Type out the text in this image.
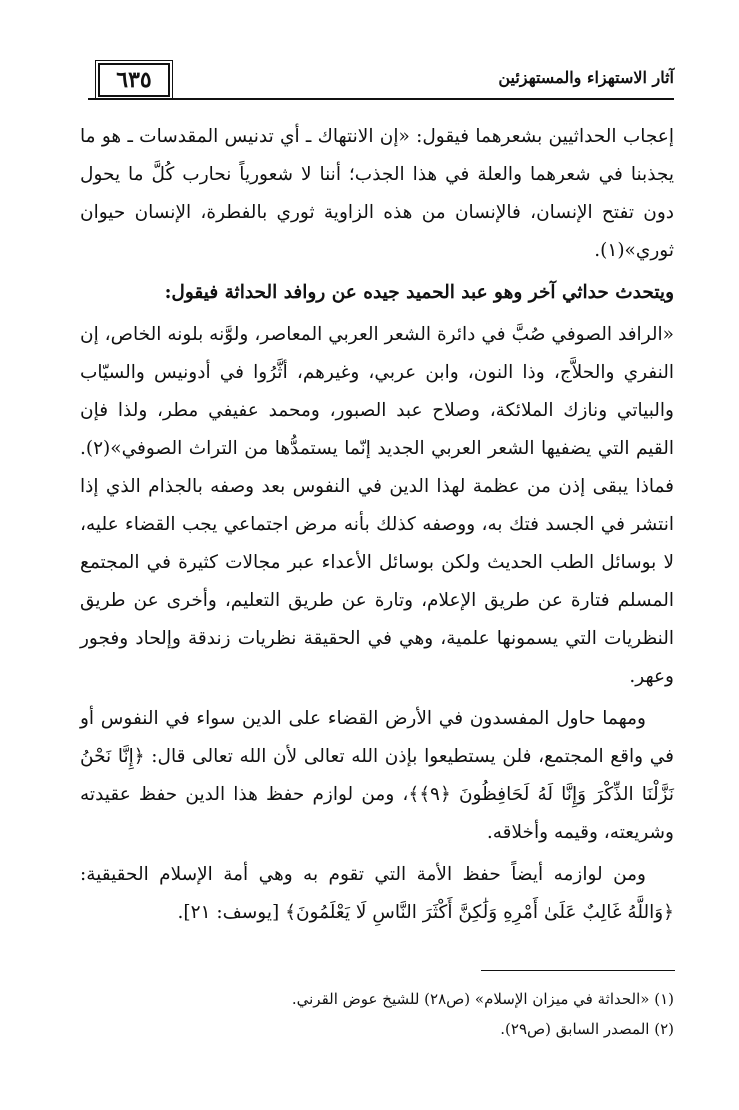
٦٣٥	آثار الاستهزاء والمستهزئين

إعجاب الحداثيين بشعرهما فيقول: «إن الانتهاك ـ أي تدنيس المقدسات ـ هو ما يجذبنا في شعرهما والعلة في هذا الجذب؛ أننا لا شعورياً نحارب كُلَّ ما يحول دون تفتح الإنسان، فالإنسان من هذه الزاوية ثوري بالفطرة، الإنسان حيوان ثوري»(١).

ويتحدث حداثي آخر وهو عبد الحميد جيده عن روافد الحداثة فيقول:

«الرافد الصوفي صُبَّ في دائرة الشعر العربي المعاصر، ولوَّنه بلونه الخاص، إن النفري والحلاَّج، وذا النون، وابن عربي، وغيرهم، أثَّرُوا في أدونيس والسيّاب والبياتي ونازك الملائكة، وصلاح عبد الصبور، ومحمد عفيفي مطر، ولذا فإن القيم التي يضفيها الشعر العربي الجديد إنّما يستمدُّها من التراث الصوفي»(٢). فماذا يبقى إذن من عظمة لهذا الدين في النفوس بعد وصفه بالجذام الذي إذا انتشر في الجسد فتك به، ووصفه كذلك بأنه مرض اجتماعي يجب القضاء عليه، لا بوسائل الطب الحديث ولكن بوسائل الأعداء عبر مجالات كثيرة في المجتمع المسلم فتارة عن طريق الإعلام، وتارة عن طريق التعليم، وأخرى عن طريق النظريات التي يسمونها علمية، وهي في الحقيقة نظريات زندقة وإلحاد وفجور وعهر.

ومهما حاول المفسدون في الأرض القضاء على الدين سواء في النفوس أو في واقع المجتمع، فلن يستطيعوا بإذن الله تعالى لأن الله تعالى قال: ﴿إِنَّا نَحْنُ نَزَّلْنَا الذِّكْرَ وَإِنَّا لَهُ لَحَافِظُونَ ﴿٩﴾﴾، ومن لوازم حفظ هذا الدين حفظ عقيدته وشريعته، وقيمه وأخلاقه.

ومن لوازمه أيضاً حفظ الأمة التي تقوم به وهي أمة الإسلام الحقيقية: ﴿وَاللَّهُ غَالِبٌ عَلَىٰ أَمْرِهِ وَلَٰكِنَّ أَكْثَرَ النَّاسِ لَا يَعْلَمُونَ﴾ [يوسف: ٢١].

(١) «الحداثة في ميزان الإسلام» (ص٢٨) للشيخ عوض القرني.

(٢) المصدر السابق (ص٢٩).
